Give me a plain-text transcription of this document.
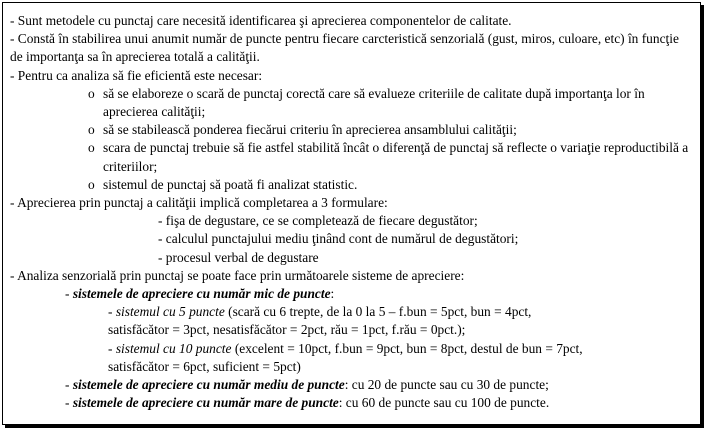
- Sunt metodele cu punctaj care necesită identificarea şi aprecierea componentelor de calitate.
- Constă în stabilirea unui anumit număr de puncte pentru fiecare carcteristică senzorială (gust, miros, culoare, etc) în funcţie de importanţa sa în aprecierea totală a calităţii.
- Pentru ca analiza să fie eficientă este necesar:
o să se elaboreze o scară de punctaj corectă care să evalueze criteriile de calitate după importanţa lor în aprecierea calităţii;
o să se stabilească ponderea fiecărui criteriu în aprecierea ansamblului calităţii;
o scara de punctaj trebuie să fie astfel stabilită încât o diferenţă de punctaj să reflecte o variaţie reproductibilă a criteriilor;
o sistemul de punctaj să poată fi analizat statistic.
- Aprecierea prin punctaj a calităţii implică completarea a 3 formulare:
- fişa de degustare, ce se completează de fiecare degustător;
- calculul punctajului mediu ţinând cont de numărul de degustători;
- procesul verbal de degustare
- Analiza senzorială prin punctaj se poate face prin următoarele sisteme de apreciere:
- sistemele de apreciere cu număr mic de puncte:
- sistemul cu 5 puncte (scară cu 6 trepte, de la 0 la 5 – f.bun = 5pct, bun = 4pct,
satisfăcător = 3pct, nesatisfăcător = 2pct, rău = 1pct, f.rău = 0pct.);
- sistemul cu 10 puncte (excelent = 10pct, f.bun = 9pct, bun = 8pct, destul de bun = 7pct,
satisfăcător = 6pct, suficient = 5pct)
- sistemele de apreciere cu număr mediu de puncte: cu 20 de puncte sau cu 30 de puncte;
- sistemele de apreciere cu număr mare de puncte: cu 60 de puncte sau cu 100 de puncte.
